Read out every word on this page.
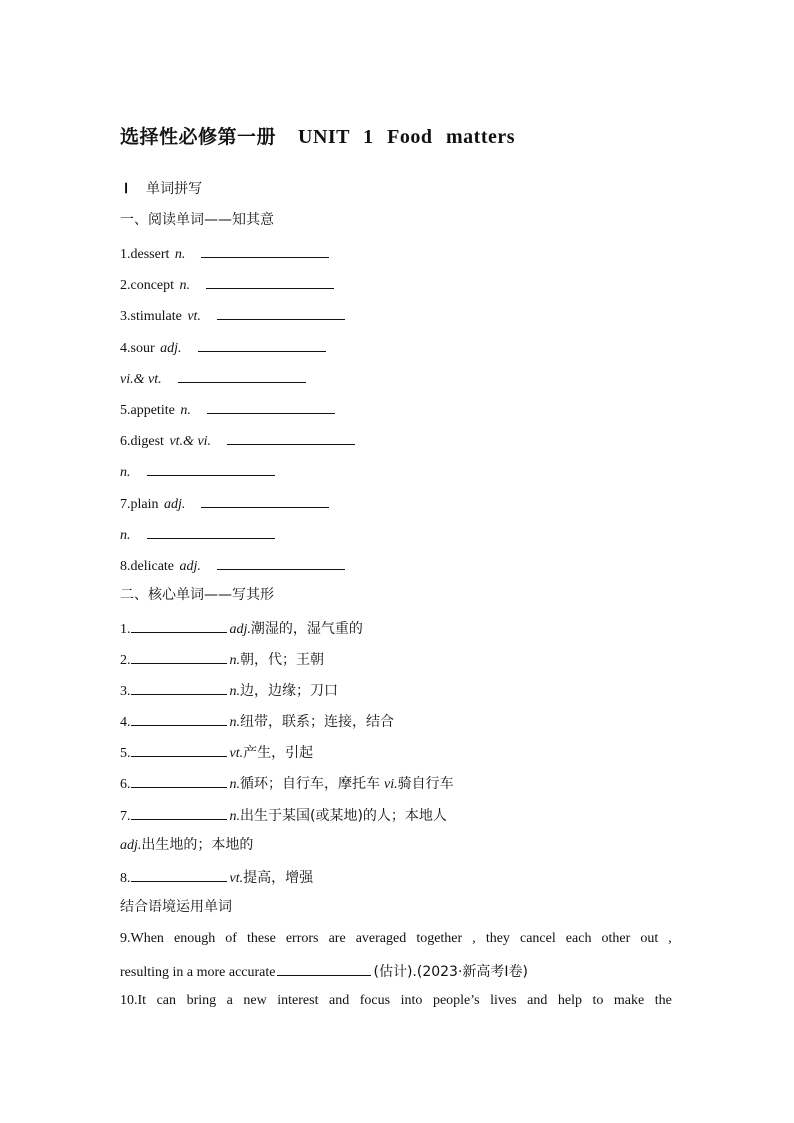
选择性必修第一册 UNIT 1 Food matters
Ⅰ 单词拼写
一、阅读单词——知其意
1.dessert n.
2.concept n.
3.stimulate vt.
4.sour adj.
vi.& vt.
5.appetite n.
6.digest vt.& vi.
n.
7.plain adj.
n.
8.delicate adj.
二、核心单词——写其形
1.	adj.潮湿的，湿气重的
2.	n.朝，代；王朝
3.	n.边，边缘；刀口
4.	n.纽带，联系；连接，结合
5.	vt.产生，引起
6.	n.循环；自行车，摩托车 vi.骑自行车
7.	n.出生于某国(或某地)的人；本地人
adj.出生地的；本地的
8.	vt.提高，增强
结合语境运用单词
9.When enough of these errors are averaged together , they cancel each other out ,
resulting in a more accurate	(估计).(2023·新高考Ⅰ卷)
10.It can bring a new interest and focus into people’s lives and help to make the
